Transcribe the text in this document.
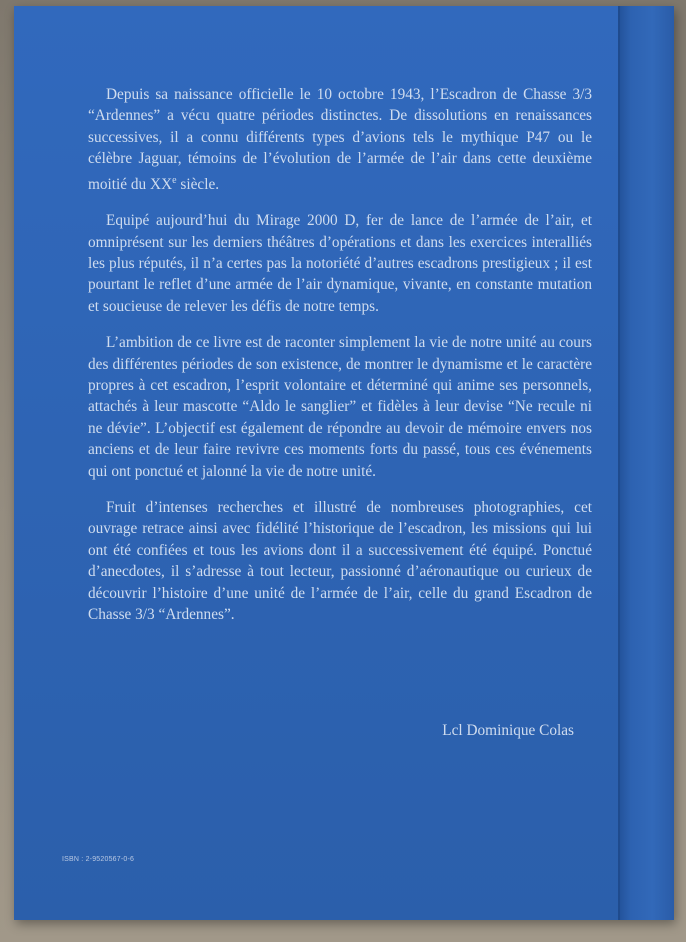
Depuis sa naissance officielle le 10 octobre 1943, l’Escadron de Chasse 3/3 “Ardennes” a vécu quatre périodes distinctes. De dissolutions en renaissances successives, il a connu différents types d’avions tels le mythique P47 ou le célèbre Jaguar, témoins de l’évolution de l’armée de l’air dans cette deuxième moitié du XXe siècle.

Equipé aujourd’hui du Mirage 2000 D, fer de lance de l’armée de l’air, et omniprésent sur les derniers théâtres d’opérations et dans les exercices interalliés les plus réputés, il n’a certes pas la notoriété d’autres escadrons prestigieux ; il est pourtant le reflet d’une armée de l’air dynamique, vivante, en constante mutation et soucieuse de relever les défis de notre temps.

L’ambition de ce livre est de raconter simplement la vie de notre unité au cours des différentes périodes de son existence, de montrer le dynamisme et le caractère propres à cet escadron, l’esprit volontaire et déterminé qui anime ses personnels, attachés à leur mascotte “Aldo le sanglier” et fidèles à leur devise “Ne recule ni ne dévie”. L’objectif est également de répondre au devoir de mémoire envers nos anciens et de leur faire revivre ces moments forts du passé, tous ces événements qui ont ponctué et jalonné la vie de notre unité.

Fruit d’intenses recherches et illustré de nombreuses photographies, cet ouvrage retrace ainsi avec fidélité l’historique de l’escadron, les missions qui lui ont été confiées et tous les avions dont il a successivement été équipé. Ponctué d’anecdotes, il s’adresse à tout lecteur, passionné d’aéronautique ou curieux de découvrir l’histoire d’une unité de l’armée de l’air, celle du grand Escadron de Chasse 3/3 “Ardennes”.

Lcl Dominique Colas
ISBN : 2-9520567-0-6
